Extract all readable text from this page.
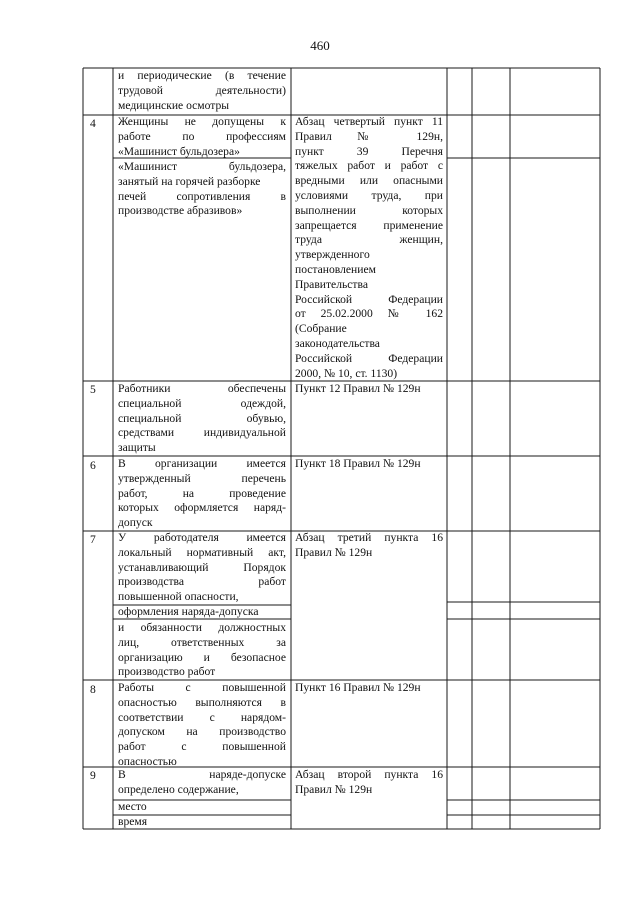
460
и периодические (в течение
трудовой деятельности)
медицинские осмотры
4 Женщины не допущены к
работе по профессиям
«Машинист бульдозера»
«Машинист бульдозера,
занятый на горячей разборке
печей сопротивления в
производстве абразивов»
Абзац четвертый пункт 11
Правил № 129н,
пункт 39 Перечня
тяжелых работ и работ с
вредными или опасными
условиями труда, при
выполнении которых
запрещается применение
труда женщин,
утвержденного
постановлением
Правительства
Российской Федерации
от 25.02.2000 № 162
(Собрание
законодательства
Российской Федерации
2000, № 10, ст. 1130)
5 Работники обеспечены
специальной одеждой,
специальной обувью,
средствами индивидуальной
защиты
Пункт 12 Правил № 129н
6 В организации имеется
утвержденный перечень
работ, на проведение
которых оформляется наряд-
допуск
Пункт 18 Правил № 129н
7 У работодателя имеется
локальный нормативный акт,
устанавливающий Порядок
производства работ
повышенной опасности,
оформления наряда-допуска
и обязанности должностных
лиц, ответственных за
организацию и безопасное
производство работ
Абзац третий пункта 16
Правил № 129н
8 Работы с повышенной
опасностью выполняются в
соответствии с нарядом-
допуском на производство
работ с повышенной
опасностью
Пункт 16 Правил № 129н
9 В наряде-допуске
определено содержание,
место
время
Абзац второй пункта 16
Правил № 129н
